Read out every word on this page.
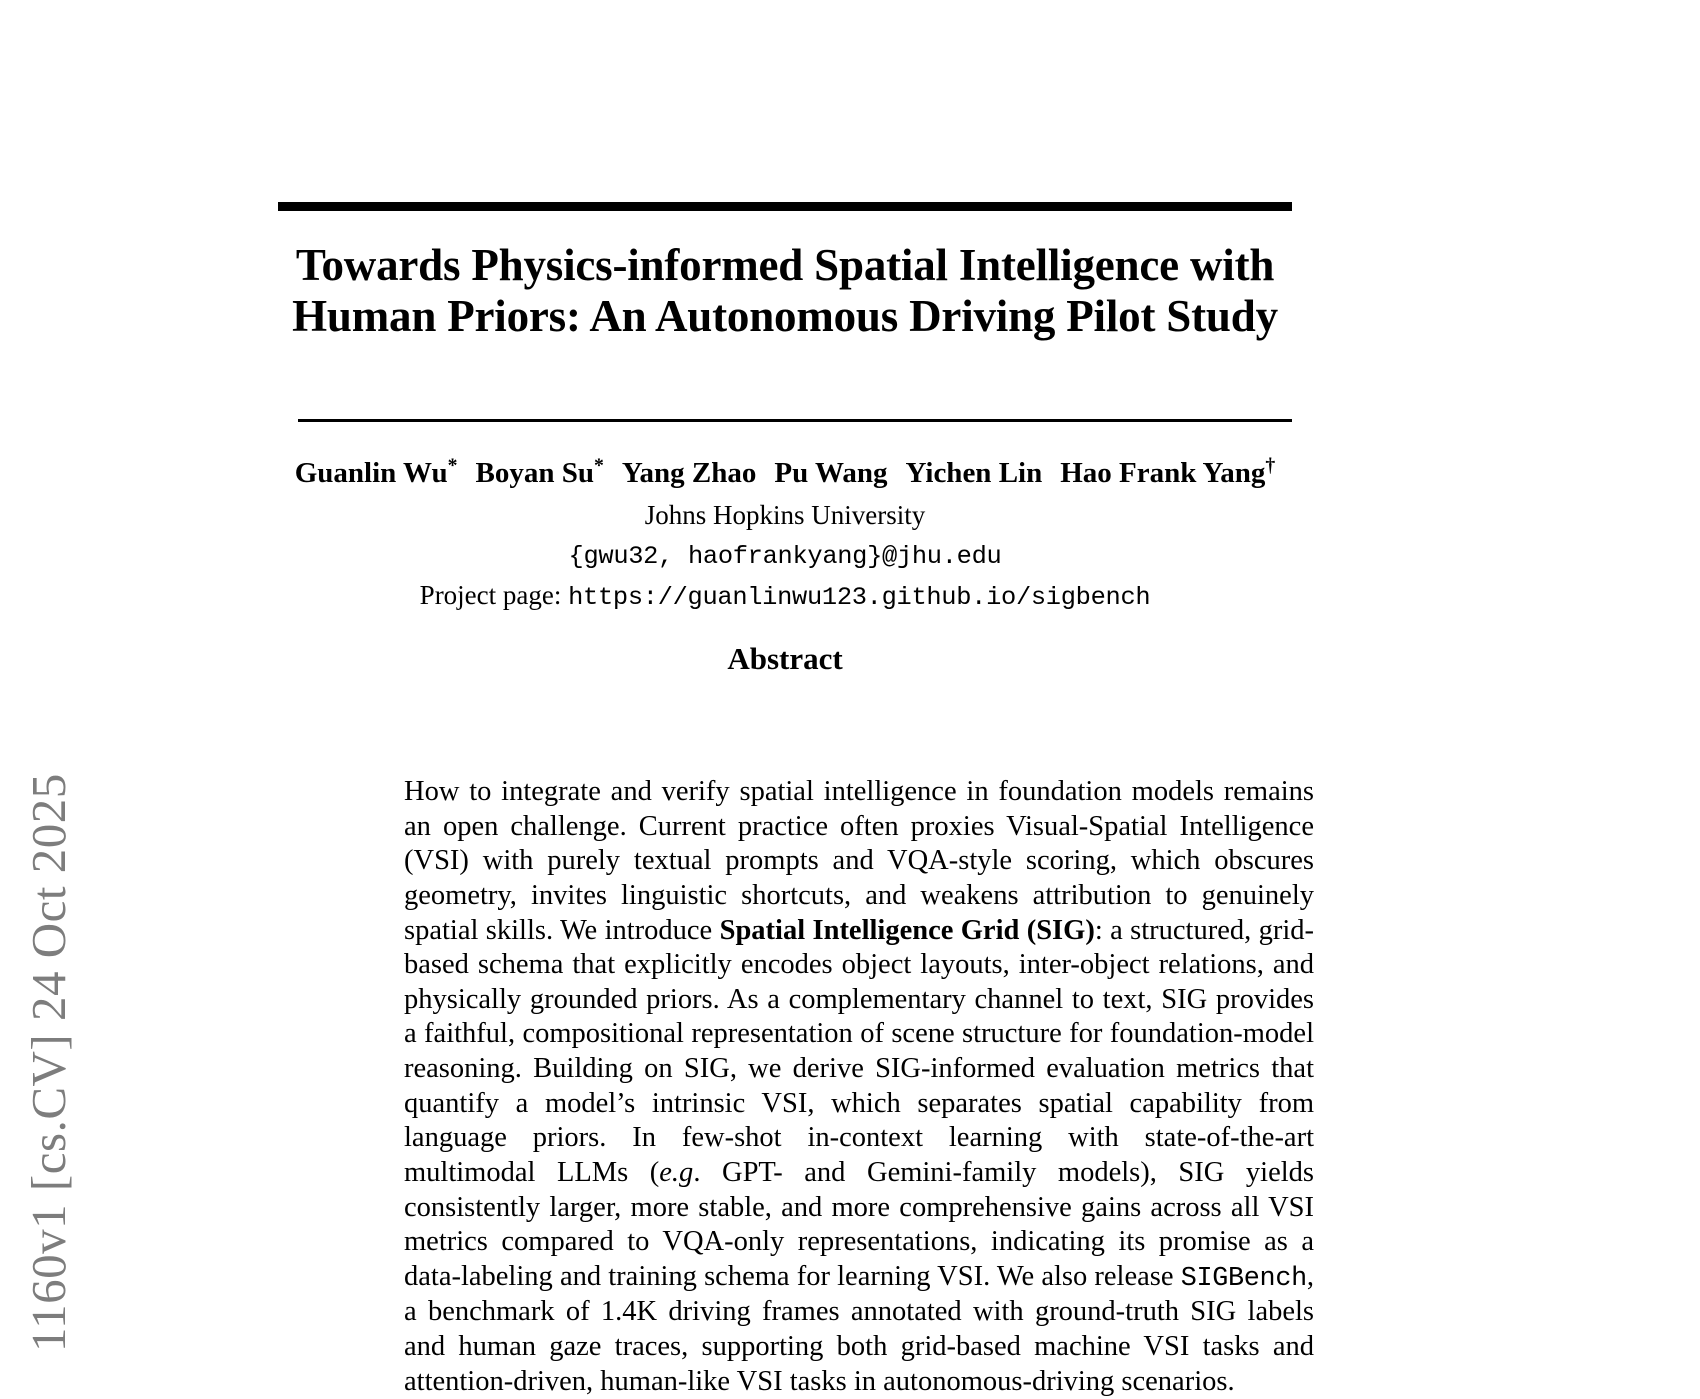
1160v1 [cs.CV] 24 Oct 2025
Towards Physics-informed Spatial Intelligence with
Human Priors: An Autonomous Driving Pilot Study
Guanlin Wu* Boyan Su* Yang Zhao Pu Wang Yichen Lin Hao Frank Yang†
Johns Hopkins University
{gwu32, haofrankyang}@jhu.edu
Project page: https://guanlinwu123.github.io/sigbench
Abstract

How to integrate and verify spatial intelligence in foundation models remains an open challenge. Current practice often proxies Visual-Spatial Intelligence (VSI) with purely textual prompts and VQA-style scoring, which obscures geometry, invites linguistic shortcuts, and weakens attribution to genuinely spatial skills. We introduce Spatial Intelligence Grid (SIG): a structured, grid-based schema that explicitly encodes object layouts, inter-object relations, and physically grounded priors. As a complementary channel to text, SIG provides a faithful, compositional representation of scene structure for foundation-model reasoning. Building on SIG, we derive SIG-informed evaluation metrics that quantify a model’s intrinsic VSI, which separates spatial capability from language priors. In few-shot in-context learning with state-of-the-art multimodal LLMs (e.g. GPT- and Gemini-family models), SIG yields consistently larger, more stable, and more comprehensive gains across all VSI metrics compared to VQA-only representations, indicating its promise as a data-labeling and training schema for learning VSI. We also release SIGBench, a benchmark of 1.4K driving frames annotated with ground-truth SIG labels and human gaze traces, supporting both grid-based machine VSI tasks and attention-driven, human-like VSI tasks in autonomous-driving scenarios.
